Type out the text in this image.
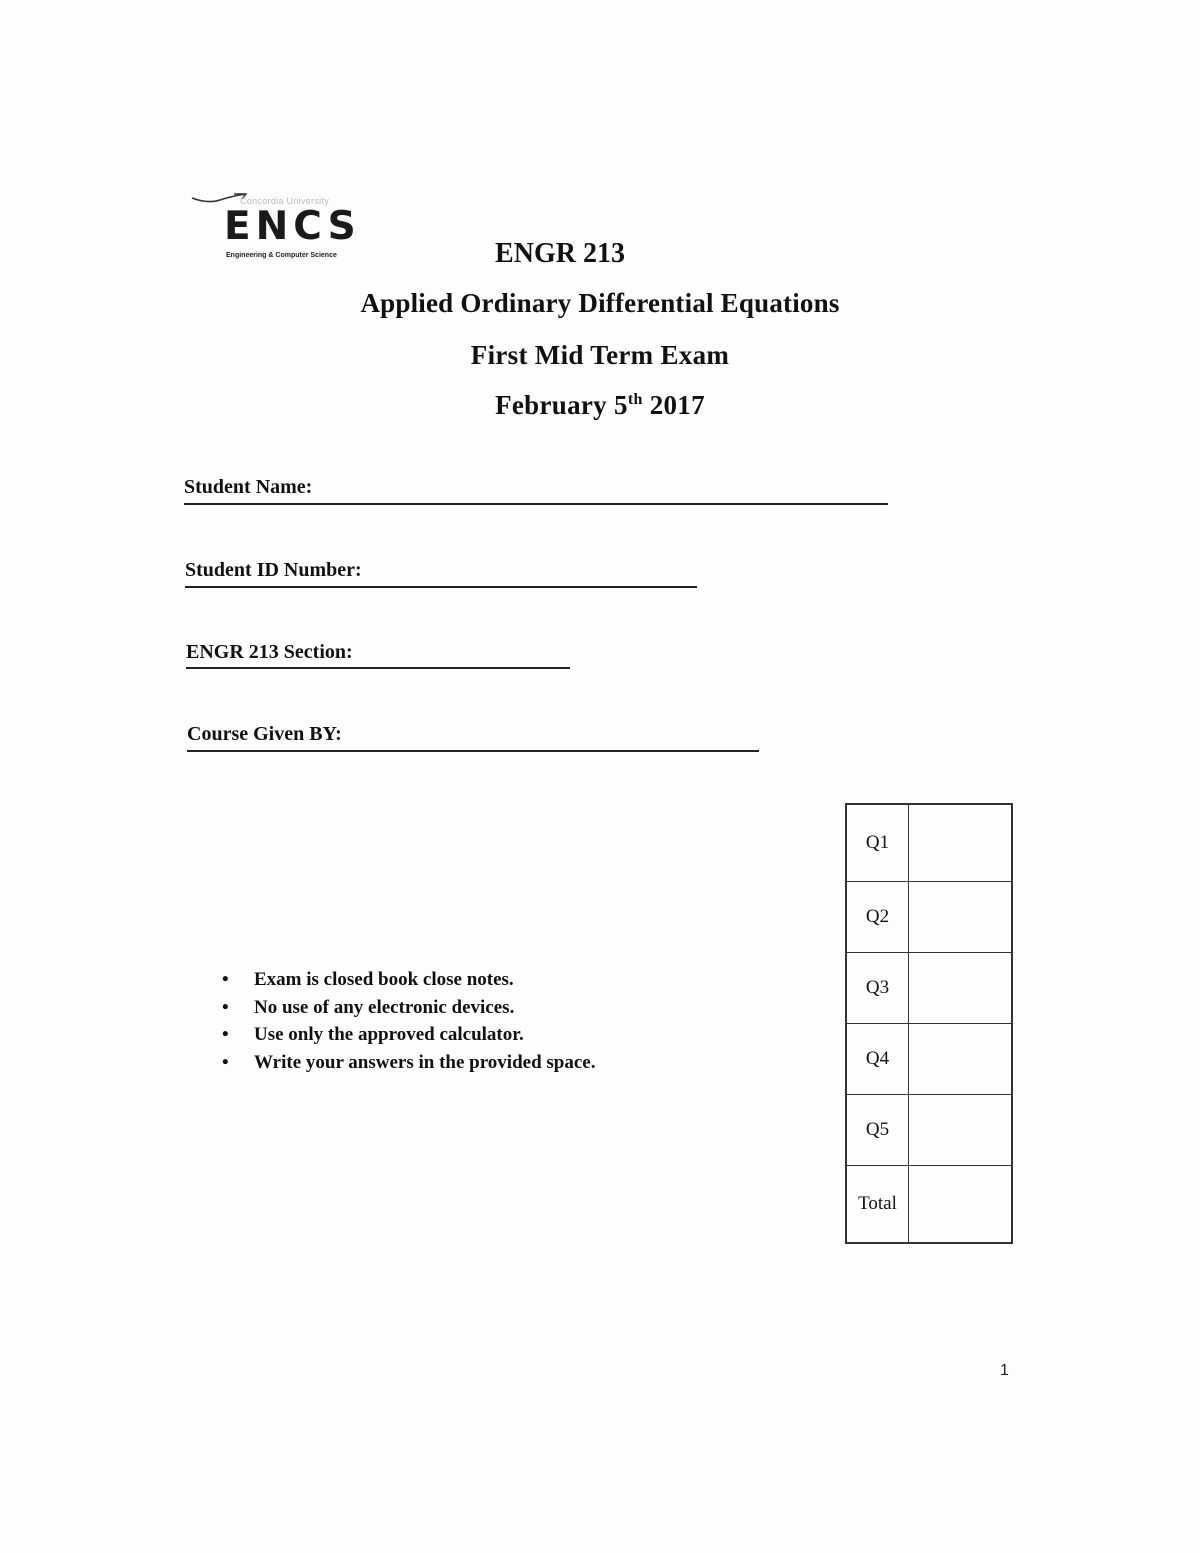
Concordia University
ENCS
Engineering & Computer Science	ENGR 213
Applied Ordinary Differential Equations
First Mid Term Exam
February 5th 2017
Student Name:
Student ID Number:
ENGR 213 Section:
Course Given BY:
• Exam is closed book close notes.
• No use of any electronic devices.
• Use only the approved calculator.
• Write your answers in the provided space.
Q1	
Q2	
Q3	
Q4	
Q5	
Total	
1
